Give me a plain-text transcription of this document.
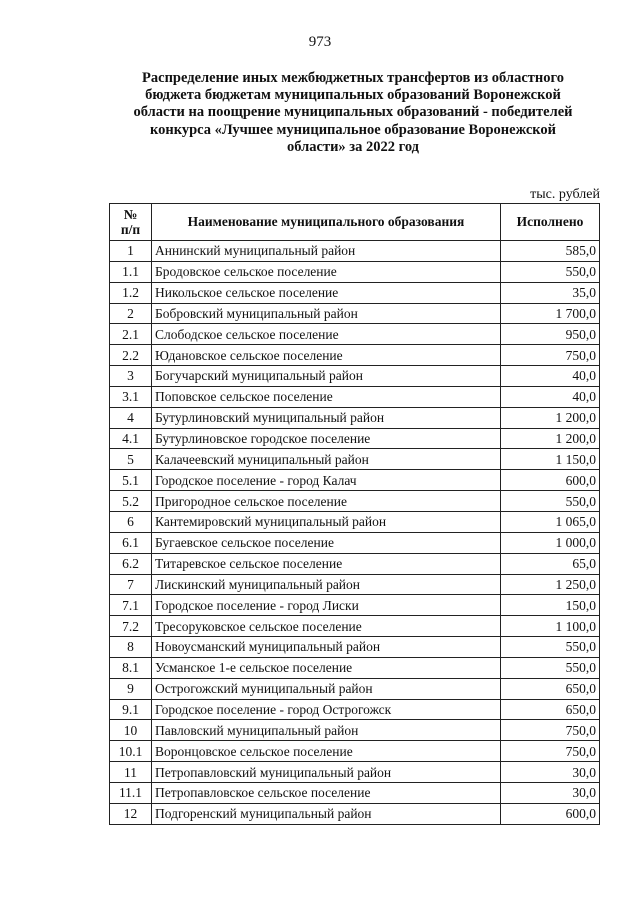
973
Распределение иных межбюджетных трансфертов из областного
бюджета бюджетам муниципальных образований Воронежской
области на поощрение муниципальных образований - победителей
конкурса «Лучшее муниципальное образование Воронежской
области» за 2022 год
тыс. рублей
№
п/п	Наименование муниципального образования	Исполнено
1	Аннинский муниципальный район	585,0
1.1	Бродовское сельское поселение	550,0
1.2	Никольское сельское поселение	35,0
2	Бобровский муниципальный район	1 700,0
2.1	Слободское сельское поселение	950,0
2.2	Юдановское сельское поселение	750,0
3	Богучарский муниципальный район	40,0
3.1	Поповское сельское поселение	40,0
4	Бутурлиновский муниципальный район	1 200,0
4.1	Бутурлиновское городское поселение	1 200,0
5	Калачеевский муниципальный район	1 150,0
5.1	Городское поселение - город Калач	600,0
5.2	Пригородное сельское поселение	550,0
6	Кантемировский муниципальный район	1 065,0
6.1	Бугаевское сельское поселение	1 000,0
6.2	Титаревское сельское поселение	65,0
7	Лискинский муниципальный район	1 250,0
7.1	Городское поселение - город Лиски	150,0
7.2	Тресоруковское сельское поселение	1 100,0
8	Новоусманский муниципальный район	550,0
8.1	Усманское 1-е сельское поселение	550,0
9	Острогожский муниципальный район	650,0
9.1	Городское поселение - город Острогожск	650,0
10	Павловский муниципальный район	750,0
10.1	Воронцовское сельское поселение	750,0
11	Петропавловский муниципальный район	30,0
11.1	Петропавловское сельское поселение	30,0
12	Подгоренский муниципальный район	600,0
